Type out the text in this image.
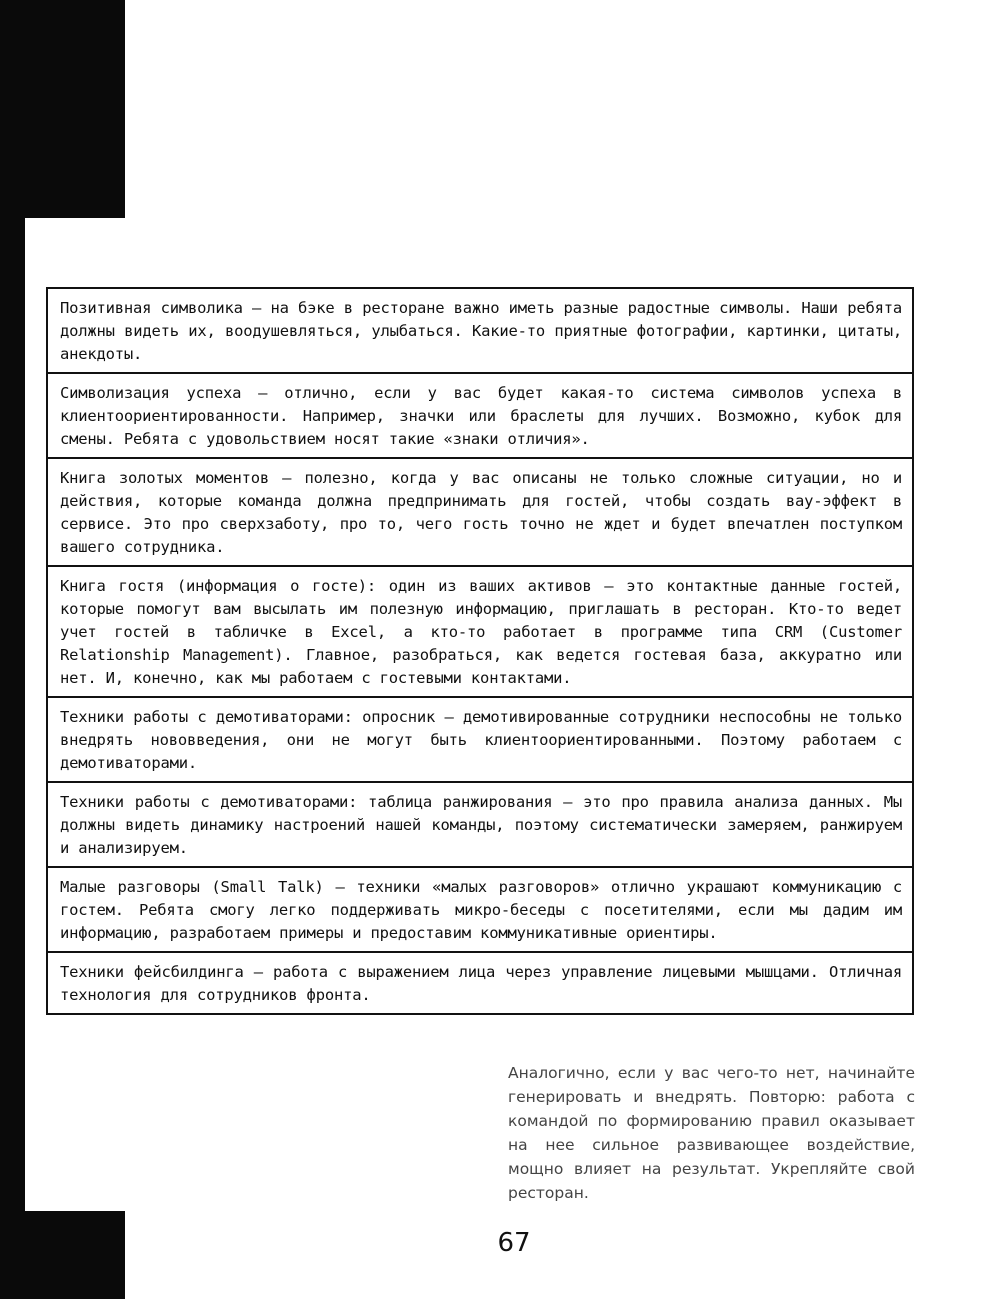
Позитивная символика — на бэке в ресторане важно иметь разные радостные символы. Наши ребята должны видеть их, воодушевляться, улыбаться. Какие-то приятные фотографии, картинки, цитаты, анекдоты.
Символизация успеха — отлично, если у вас будет какая-то система символов успеха в клиентоориентированности. Например, значки или браслеты для лучших. Возможно, кубок для смены. Ребята с удовольствием носят такие «знаки отличия».
Книга золотых моментов — полезно, когда у вас описаны не только сложные ситуации, но и действия, которые команда должна предпринимать для гостей, чтобы создать вау-эффект в сервисе. Это про сверхзаботу, про то, чего гость точно не ждет и будет впечатлен поступком вашего сотрудника.
Книга гостя (информация о госте): один из ваших активов — это контактные данные гостей, которые помогут вам высылать им полезную информацию, приглашать в ресторан. Кто-то ведет учет гостей в табличке в Excel, а кто-то работает в программе типа CRM (Customer Relationship Management). Главное, разобраться, как ведется гостевая база, аккуратно или нет. И, конечно, как мы работаем с гостевыми контактами.
Техники работы с демотиваторами: опросник — демотивированные сотрудники неспособны не только внедрять нововведения, они не могут быть клиентоориентированными. Поэтому работаем с демотиваторами.
Техники работы с демотиваторами: таблица ранжирования — это про правила анализа данных. Мы должны видеть динамику настроений нашей команды, поэтому систематически замеряем, ранжируем и анализируем.
Малые разговоры (Small Talk) — техники «малых разговоров» отлично украшают коммуникацию с гостем. Ребята смогу легко поддерживать микро-беседы с посетителями, если мы дадим им информацию, разработаем примеры и предоставим коммуникативные ориентиры.
Техники фейсбилдинга — работа с выражением лица через управление лицевыми мышцами. Отличная технология для сотрудников фронта.
Аналогично, если у вас чего-то нет, начинайте генерировать и внедрять. Повторю: работа с командой по формированию правил оказывает на нее сильное развивающее воздействие, мощно влияет на результат. Укрепляйте свой ресторан.
67
